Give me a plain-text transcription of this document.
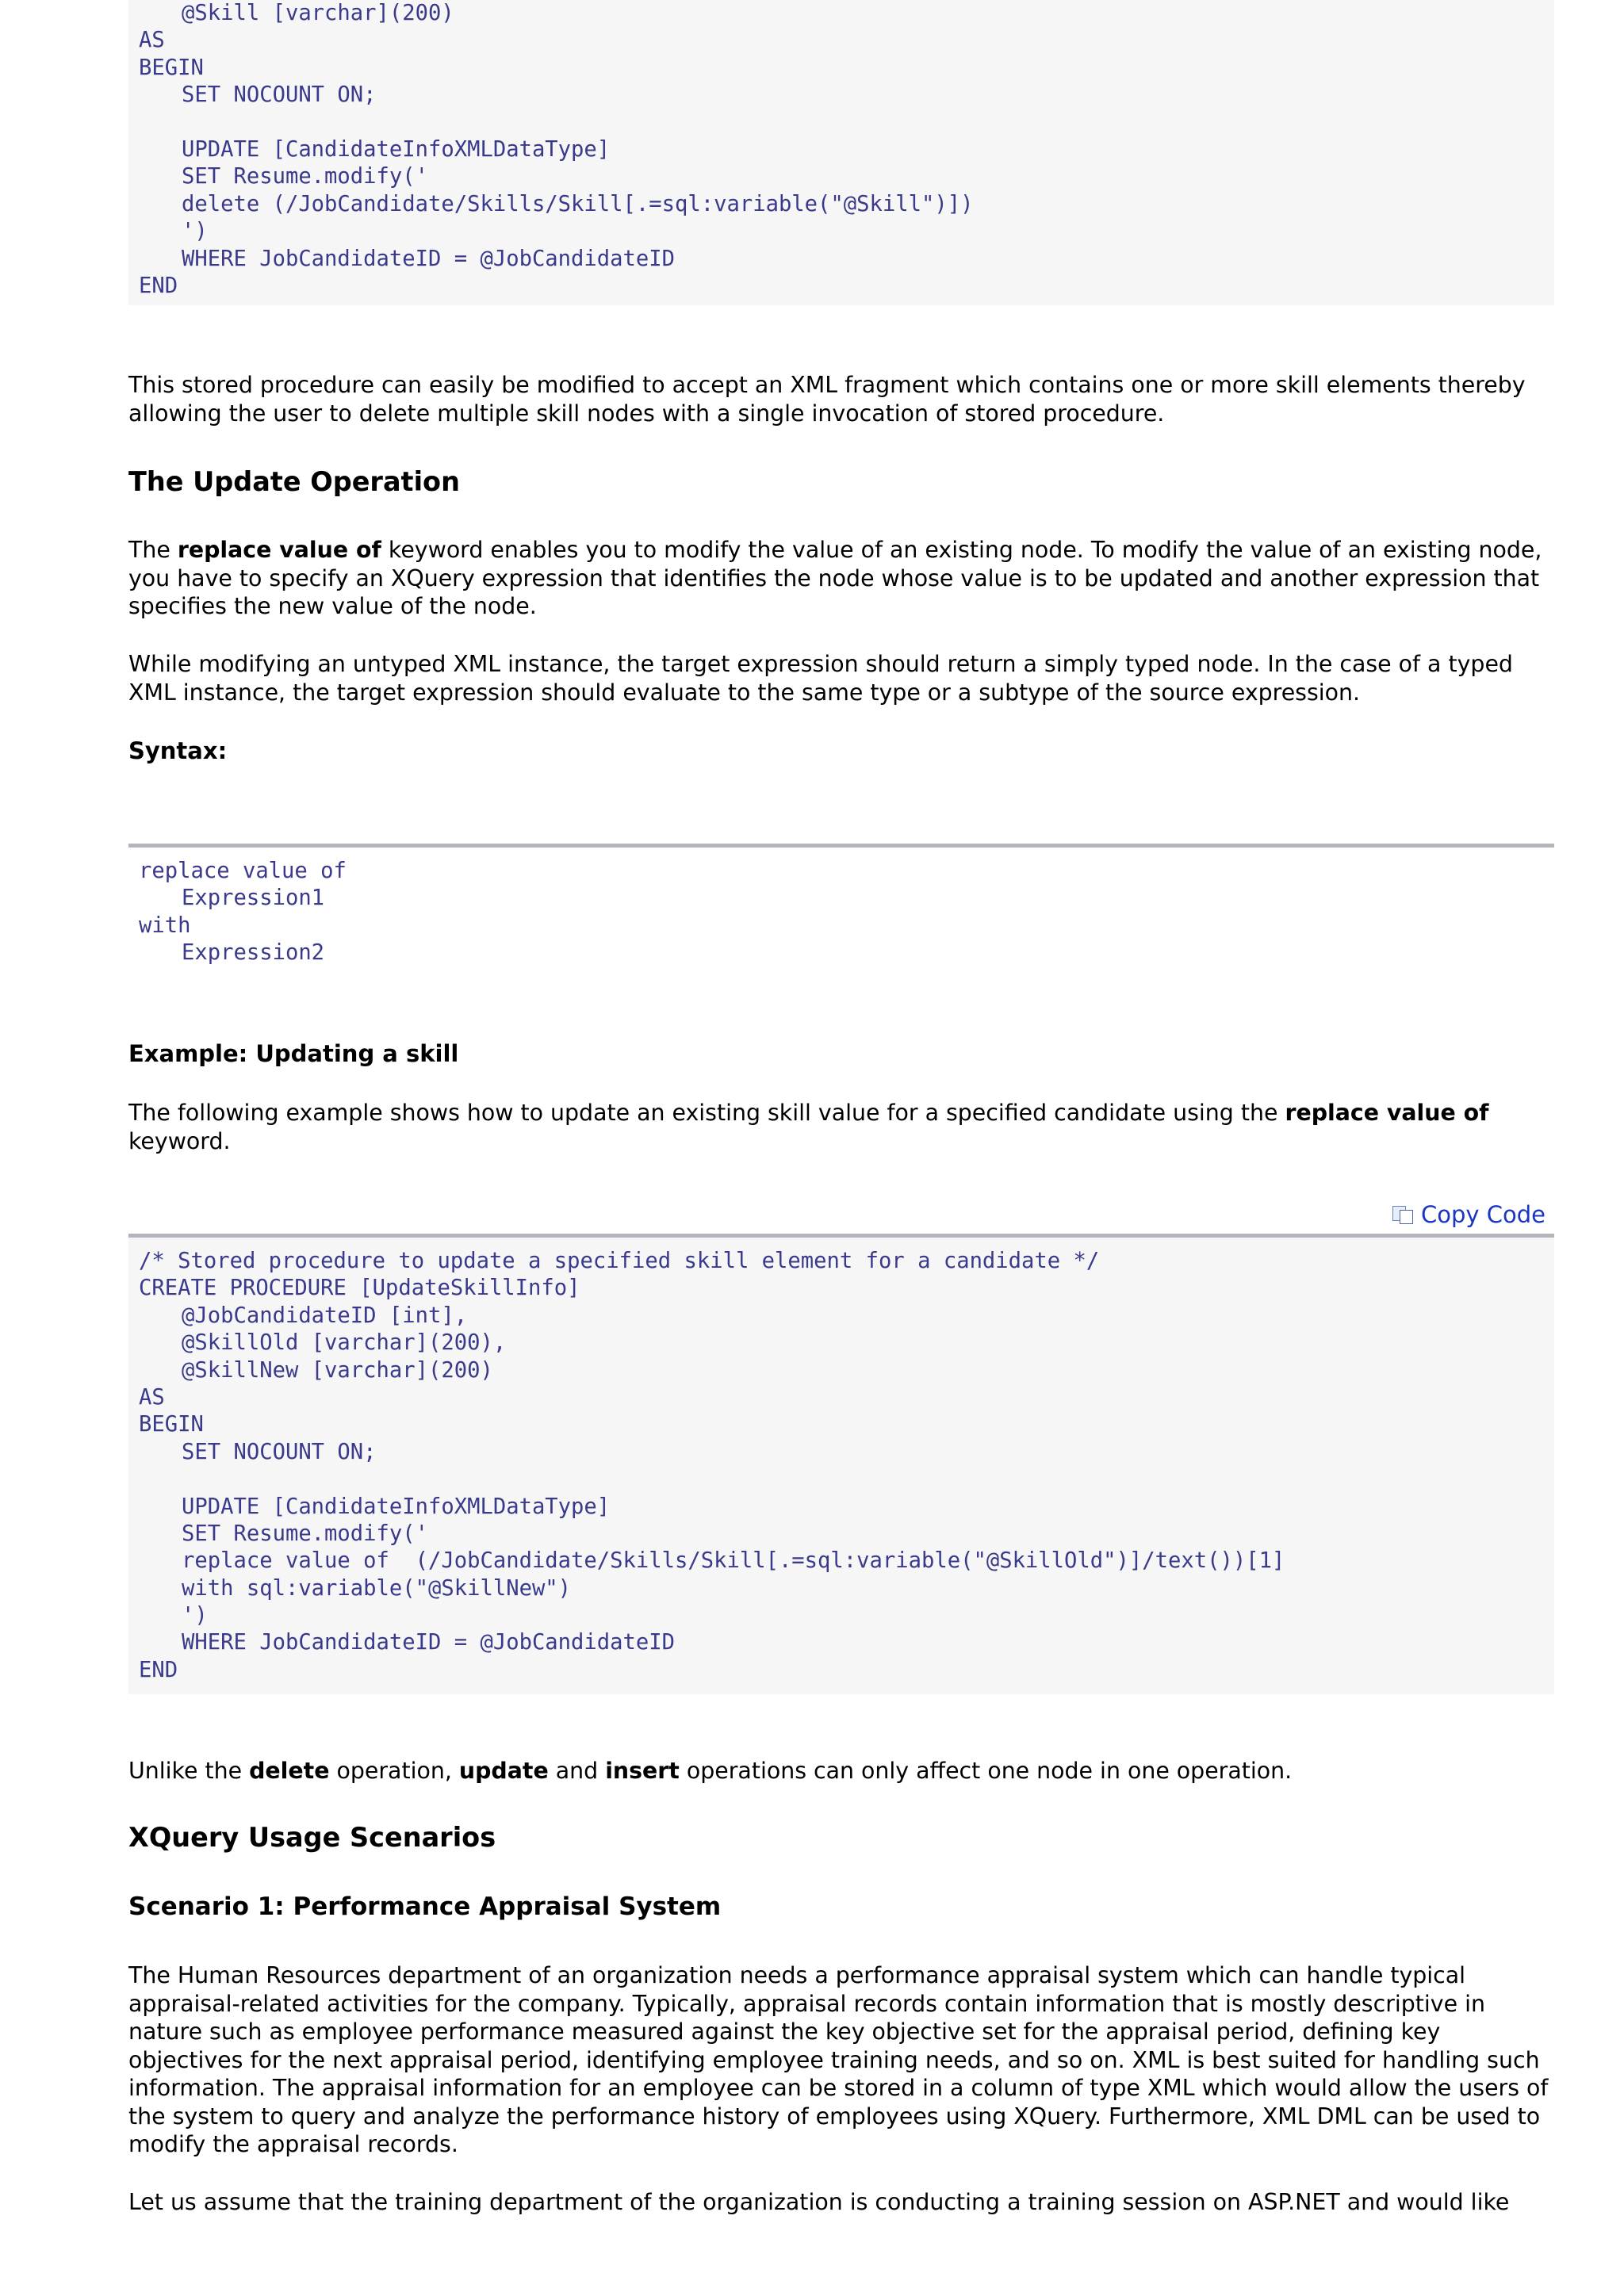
@Skill [varchar](200)
AS
BEGIN
SET NOCOUNT ON;
UPDATE [CandidateInfoXMLDataType]
SET Resume.modify('
delete (/JobCandidate/Skills/Skill[.=sql:variable("@Skill")])
')
WHERE JobCandidateID = @JobCandidateID
END

This stored procedure can easily be modified to accept an XML fragment which contains one or more skill elements thereby allowing the user to delete multiple skill nodes with a single invocation of stored procedure.

The Update Operation

The replace value of keyword enables you to modify the value of an existing node. To modify the value of an existing node, you have to specify an XQuery expression that identifies the node whose value is to be updated and another expression that specifies the new value of the node.

While modifying an untyped XML instance, the target expression should return a simply typed node. In the case of a typed XML instance, the target expression should evaluate to the same type or a subtype of the source expression.

Syntax:
replace value of
Expression1
with
Expression2
Example: Updating a skill

The following example shows how to update an existing skill value for a specified candidate using the replace value of keyword.

Copy Code
/* Stored procedure to update a specified skill element for a candidate */
CREATE PROCEDURE [UpdateSkillInfo]
@JobCandidateID [int],
@SkillOld [varchar](200),
@SkillNew [varchar](200)
AS
BEGIN
SET NOCOUNT ON;
UPDATE [CandidateInfoXMLDataType]
SET Resume.modify('
replace value of  (/JobCandidate/Skills/Skill[.=sql:variable("@SkillOld")]/text())[1]
with sql:variable("@SkillNew")
')
WHERE JobCandidateID = @JobCandidateID
END

Unlike the delete operation, update and insert operations can only affect one node in one operation.

XQuery Usage Scenarios
Scenario 1: Performance Appraisal System

The Human Resources department of an organization needs a performance appraisal system which can handle typical appraisal-related activities for the company. Typically, appraisal records contain information that is mostly descriptive in nature such as employee performance measured against the key objective set for the appraisal period, defining key objectives for the next appraisal period, identifying employee training needs, and so on. XML is best suited for handling such information. The appraisal information for an employee can be stored in a column of type XML which would allow the users of the system to query and analyze the performance history of employees using XQuery. Furthermore, XML DML can be used to modify the appraisal records.

Let us assume that the training department of the organization is conducting a training session on ASP.NET and would like
